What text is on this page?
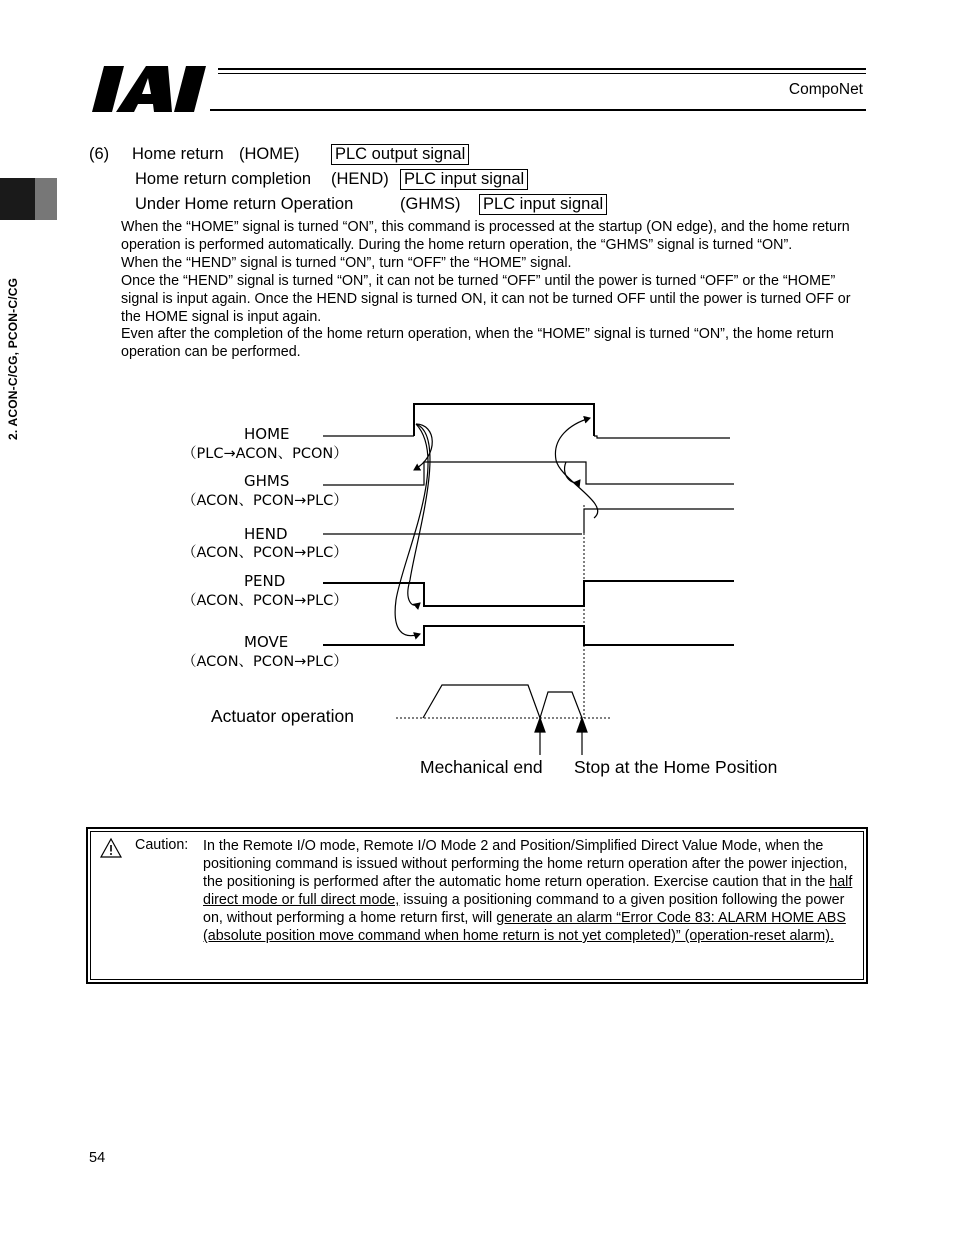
CompoNet
2. ACON-C/CG, PCON-C/CG
(6) Home return (HOME) PLC output signal
Home return completion (HEND) PLC input signal
Under Home return Operation	(GHMS) PLC input signal

When the “HOME” signal is turned “ON”, this command is processed at the startup (ON edge), and the home return operation is performed automatically. During the home return operation, the “GHMS” signal is turned “ON”.

When the “HEND” signal is turned “ON”, turn “OFF” the “HOME” signal.

Once the “HEND” signal is turned “ON”, it can not be turned “OFF” until the power is turned “OFF” or the “HOME” signal is input again. Once the HEND signal is turned ON, it can not be turned OFF until the power is turned OFF or the HOME signal is input again.

Even after the completion of the home return operation, when the “HOME” signal is turned “ON”, the home return operation can be performed.

HOME
（PLC→ACON、PCON）
GHMS
（ACON、PCON→PLC）
HEND
（ACON、PCON→PLC）
PEND
（ACON、PCON→PLC）
MOVE
（ACON、PCON→PLC）
Actuator operation
Mechanical end Stop at the Home Position
Caution: In the Remote I/O mode, Remote I/O Mode 2 and Position/Simplified Direct Value Mode, when the positioning command is issued without performing the home return operation after the power injection, the positioning is performed after the automatic home return operation. Exercise caution that in the half direct mode or full direct mode, issuing a positioning command to a given position following the power on, without performing a home return first, will generate an alarm “Error Code 83: ALARM HOME ABS (absolute position move command when home return is not yet completed)” (operation-reset alarm).
54
